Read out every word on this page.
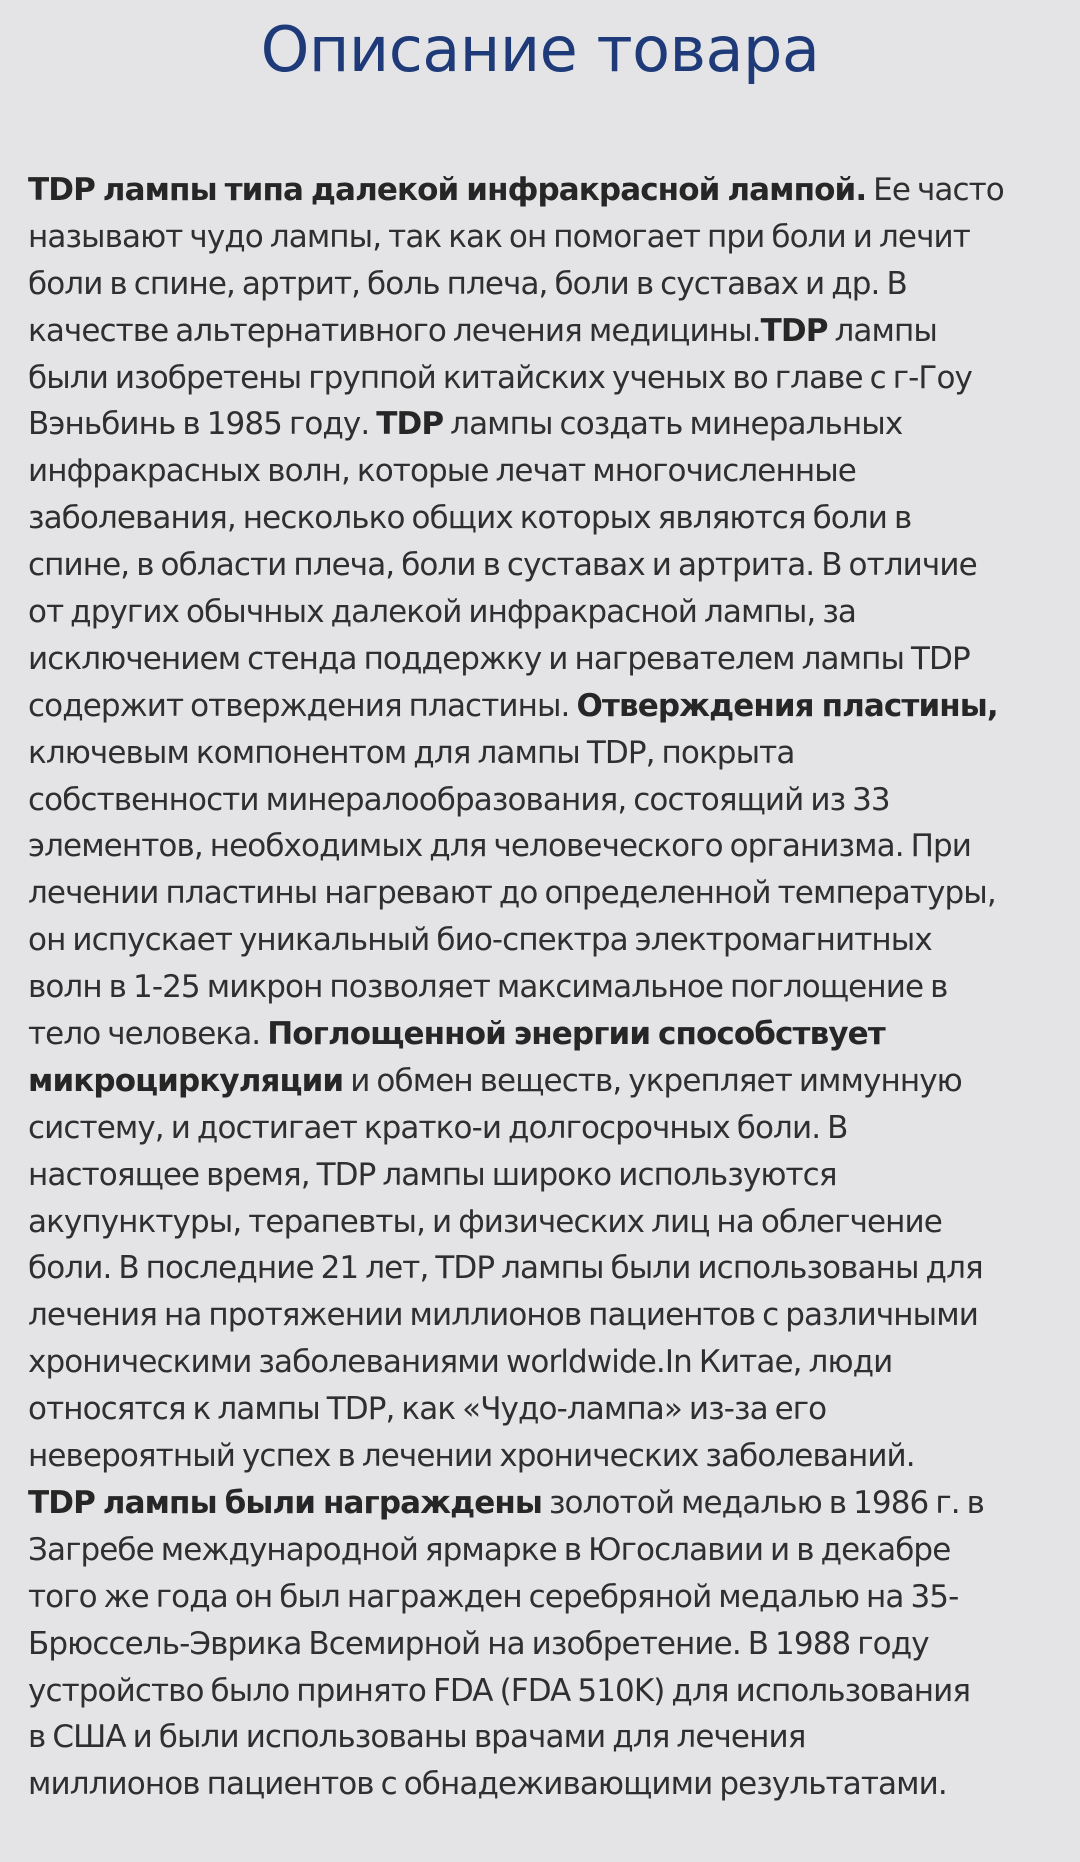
Описание товара
TDP лампы типа далекой инфракрасной лампой. Ее часто
называют чудо лампы, так как он помогает при боли и лечит
боли в спине, артрит, боль плеча, боли в суставах и др. В
качестве альтернативного лечения медицины.TDP лампы
были изобретены группой китайских ученых во главе с г-Гоу
Вэньбинь в 1985 году. TDP лампы создать минеральных
инфракрасных волн, которые лечат многочисленные
заболевания, несколько общих которых являются боли в
спине, в области плеча, боли в суставах и артрита. В отличие
от других обычных далекой инфракрасной лампы, за
исключением стенда поддержку и нагревателем лампы TDP
содержит отверждения пластины. Отверждения пластины,
ключевым компонентом для лампы TDP, покрыта
собственности минералообразования, состоящий из 33
элементов, необходимых для человеческого организма. При
лечении пластины нагревают до определенной температуры,
он испускает уникальный био-спектра электромагнитных
волн в 1-25 микрон позволяет максимальное поглощение в
тело человека. Поглощенной энергии способствует
микроциркуляции и обмен веществ, укрепляет иммунную
систему, и достигает кратко-и долгосрочных боли. В
настоящее время, TDP лампы широко используются
акупунктуры, терапевты, и физических лиц на облегчение
боли. В последние 21 лет, TDP лампы были использованы для
лечения на протяжении миллионов пациентов с различными
хроническими заболеваниями worldwide.In Китае, люди
относятся к лампы TDP, как «Чудо-лампа» из-за его
невероятный успех в лечении хронических заболеваний.
TDP лампы были награждены золотой медалью в 1986 г. в
Загребе международной ярмарке в Югославии и в декабре
того же года он был награжден серебряной медалью на 35-
Брюссель-Эврика Всемирной на изобретение. В 1988 году
устройство было принято FDA (FDA 510K) для использования
в США и были использованы врачами для лечения
миллионов пациентов с обнадеживающими результатами.
